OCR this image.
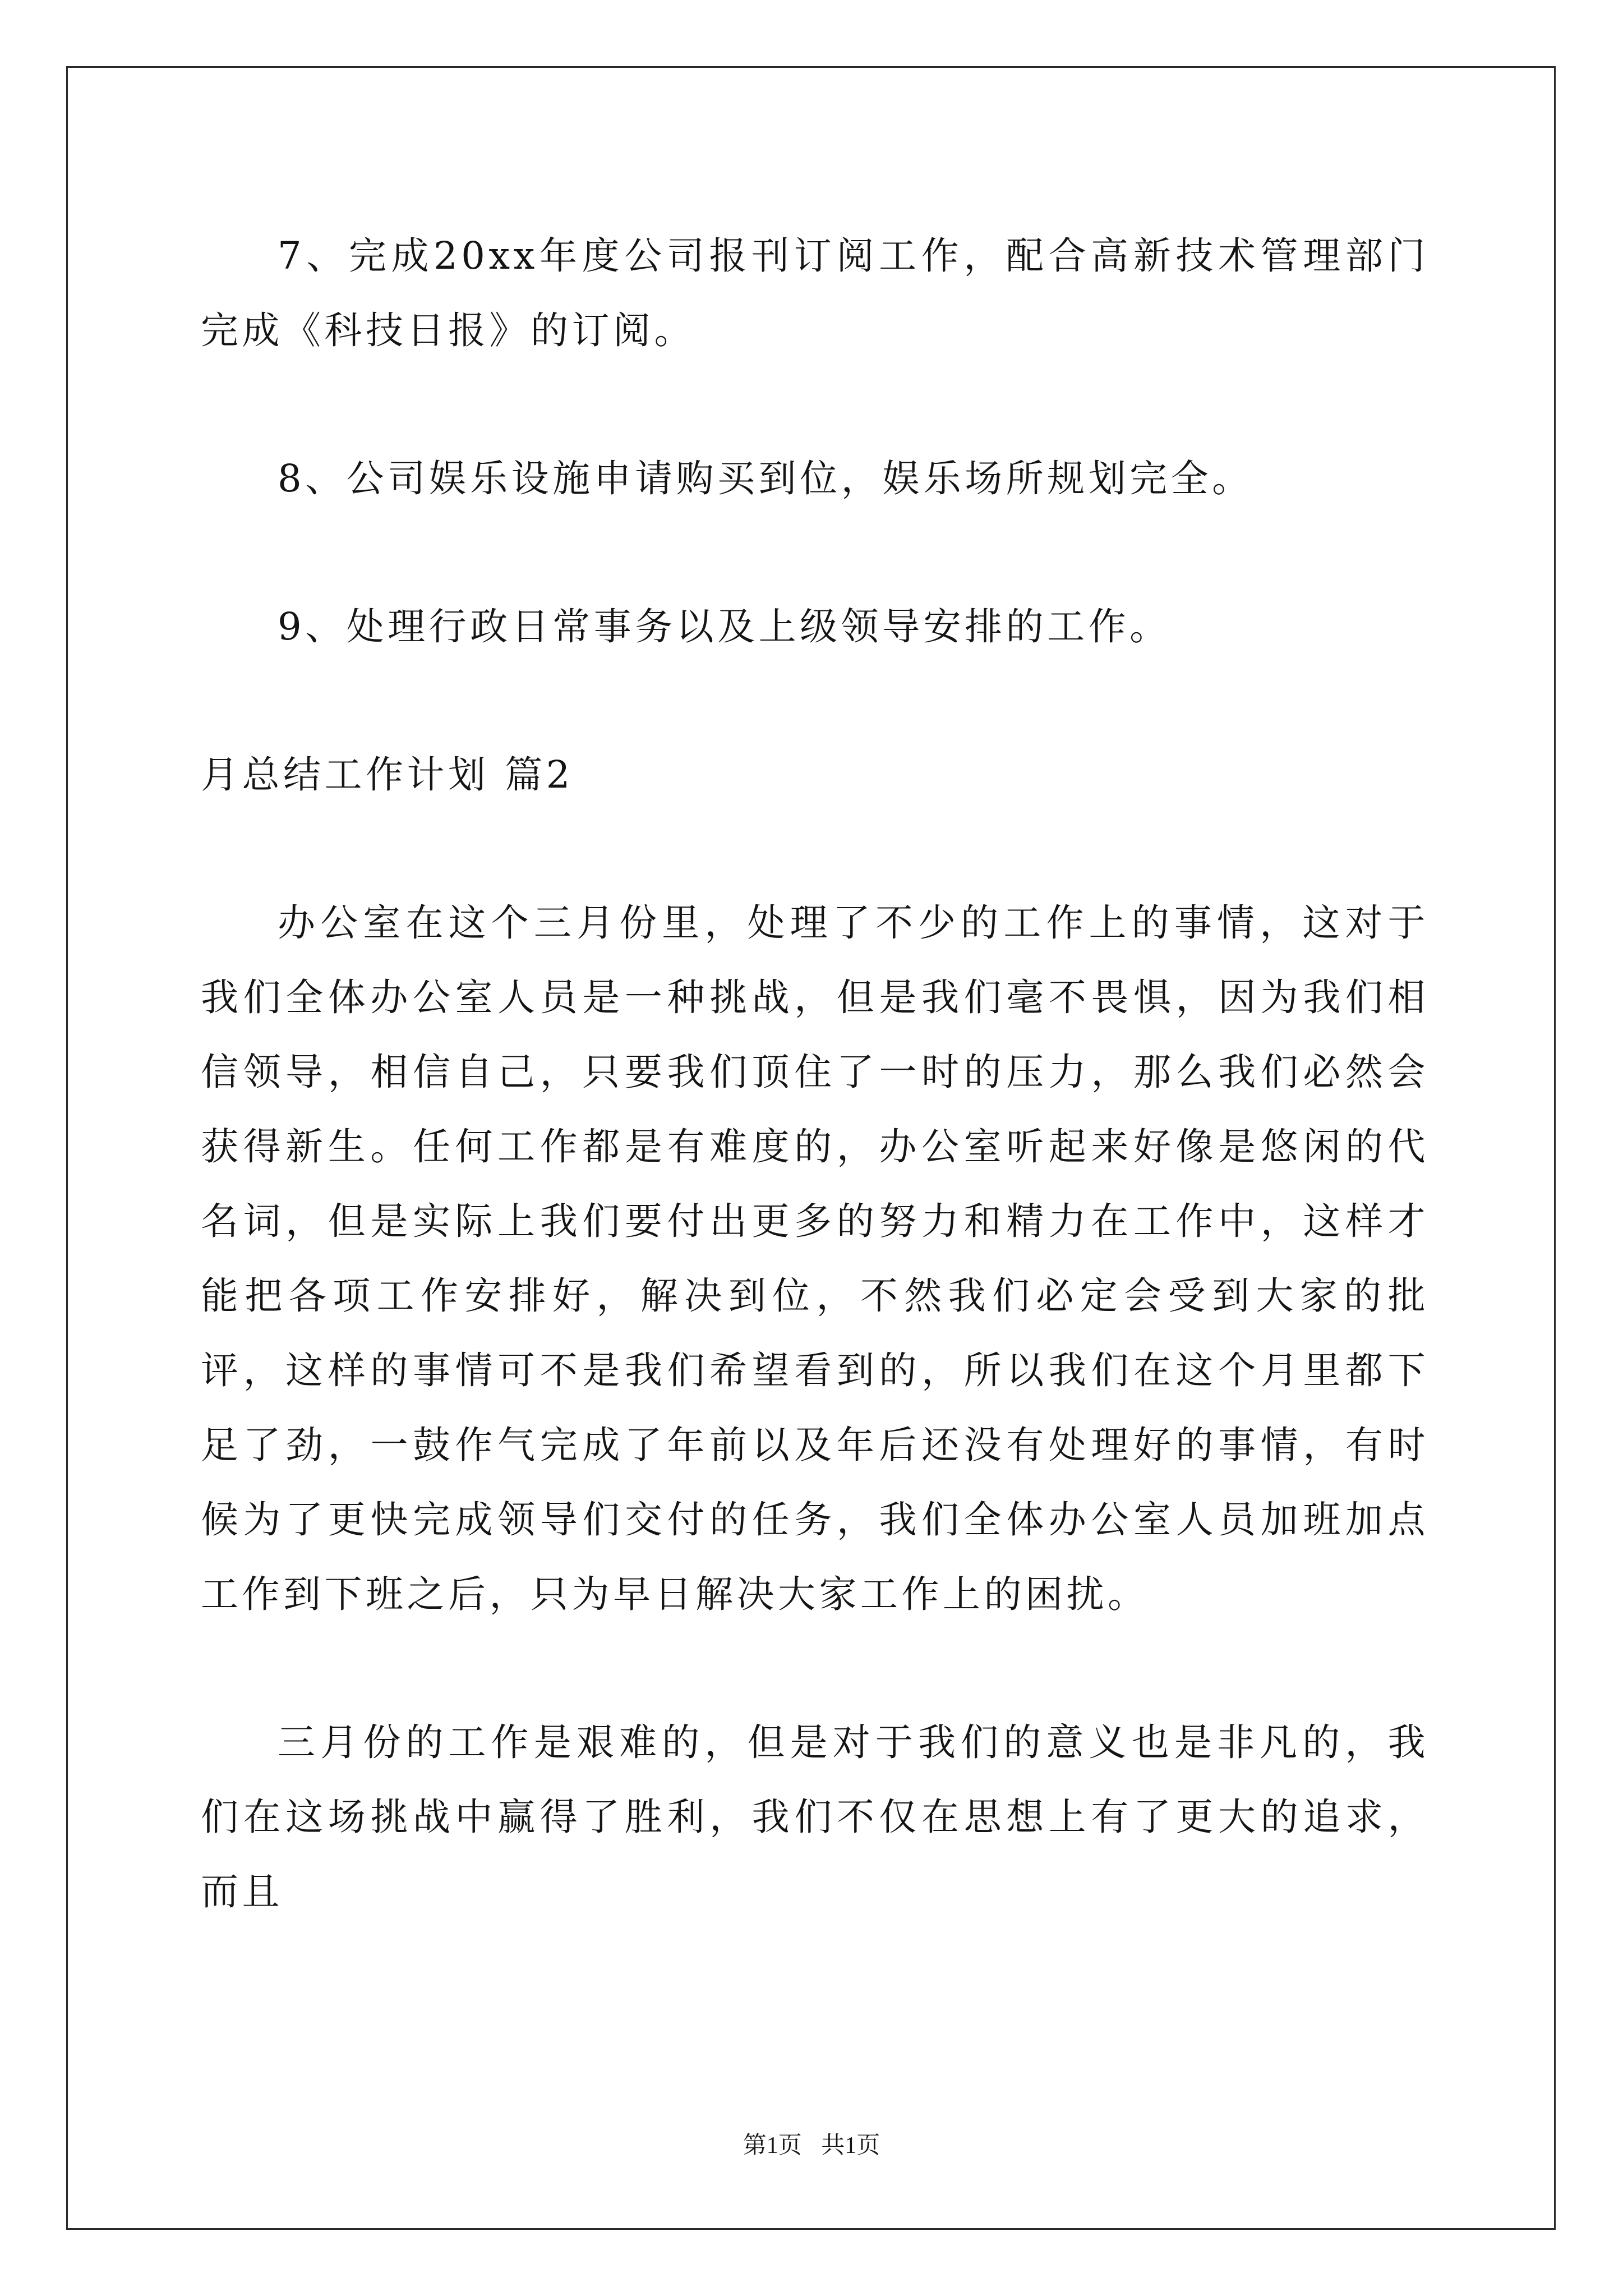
7、完成20xx年度公司报刊订阅工作，配合高新技术管理部门完成《科技日报》的订阅。

8、公司娱乐设施申请购买到位，娱乐场所规划完全。

9、处理行政日常事务以及上级领导安排的工作。

月总结工作计划 篇2

办公室在这个三月份里，处理了不少的工作上的事情，这对于我们全体办公室人员是一种挑战，但是我们毫不畏惧，因为我们相信领导，相信自己，只要我们顶住了一时的压力，那么我们必然会获得新生。任何工作都是有难度的，办公室听起来好像是悠闲的代名词，但是实际上我们要付出更多的努力和精力在工作中，这样才能把各项工作安排好，解决到位，不然我们必定会受到大家的批评，这样的事情可不是我们希望看到的，所以我们在这个月里都下足了劲，一鼓作气完成了年前以及年后还没有处理好的事情，有时候为了更快完成领导们交付的任务，我们全体办公室人员加班加点工作到下班之后，只为早日解决大家工作上的困扰。

三月份的工作是艰难的，但是对于我们的意义也是非凡的，我们在这场挑战中赢得了胜利，我们不仅在思想上有了更大的追求，而且

第1页 共1页
